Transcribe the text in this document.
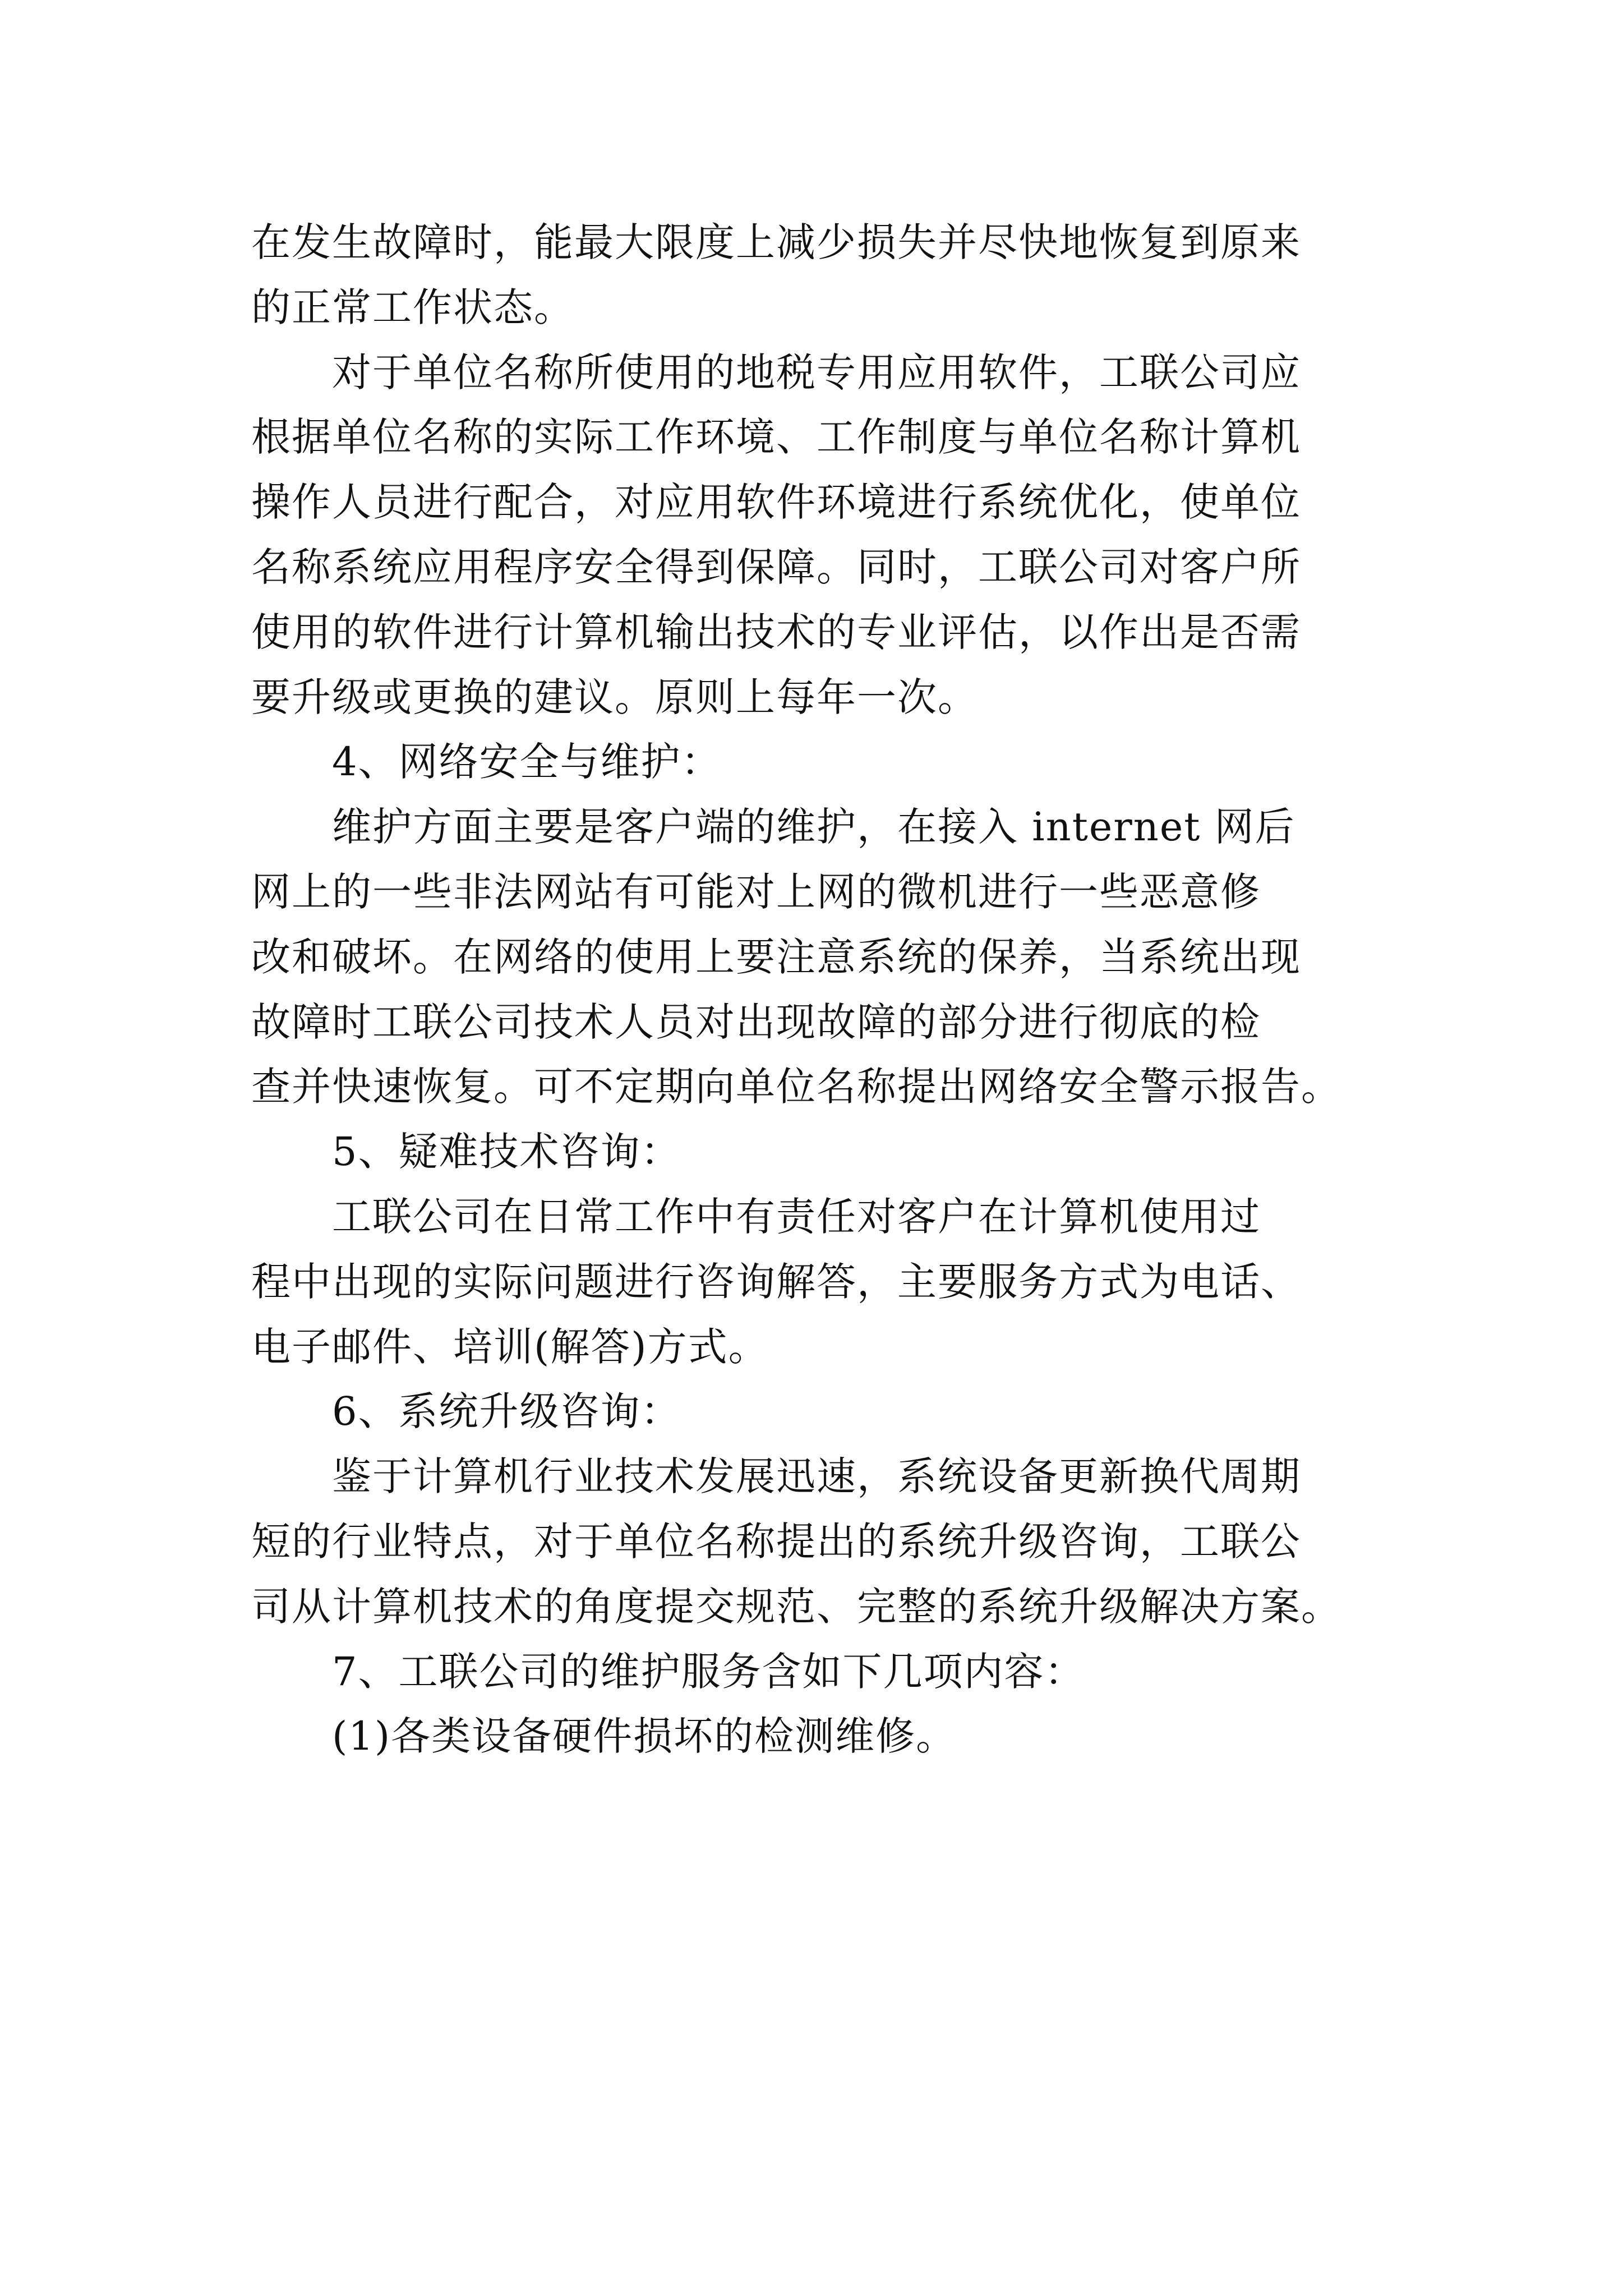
在发生故障时，能最大限度上减少损失并尽快地恢复到原来
的正常工作状态。
对于单位名称所使用的地税专用应用软件，工联公司应
根据单位名称的实际工作环境、工作制度与单位名称计算机
操作人员进行配合，对应用软件环境进行系统优化，使单位
名称系统应用程序安全得到保障。同时，工联公司对客户所
使用的软件进行计算机输出技术的专业评估，以作出是否需
要升级或更换的建议。原则上每年一次。
4、网络安全与维护：
维护方面主要是客户端的维护，在接入 internet 网后
网上的一些非法网站有可能对上网的微机进行一些恶意修
改和破坏。在网络的使用上要注意系统的保养，当系统出现
故障时工联公司技术人员对出现故障的部分进行彻底的检
查并快速恢复。可不定期向单位名称提出网络安全警示报告。
5、疑难技术咨询：
工联公司在日常工作中有责任对客户在计算机使用过
程中出现的实际问题进行咨询解答，主要服务方式为电话、
电子邮件、培训(解答)方式。
6、系统升级咨询：
鉴于计算机行业技术发展迅速，系统设备更新换代周期
短的行业特点，对于单位名称提出的系统升级咨询，工联公
司从计算机技术的角度提交规范、完整的系统升级解决方案。
7、工联公司的维护服务含如下几项内容：
(1)各类设备硬件损坏的检测维修。
